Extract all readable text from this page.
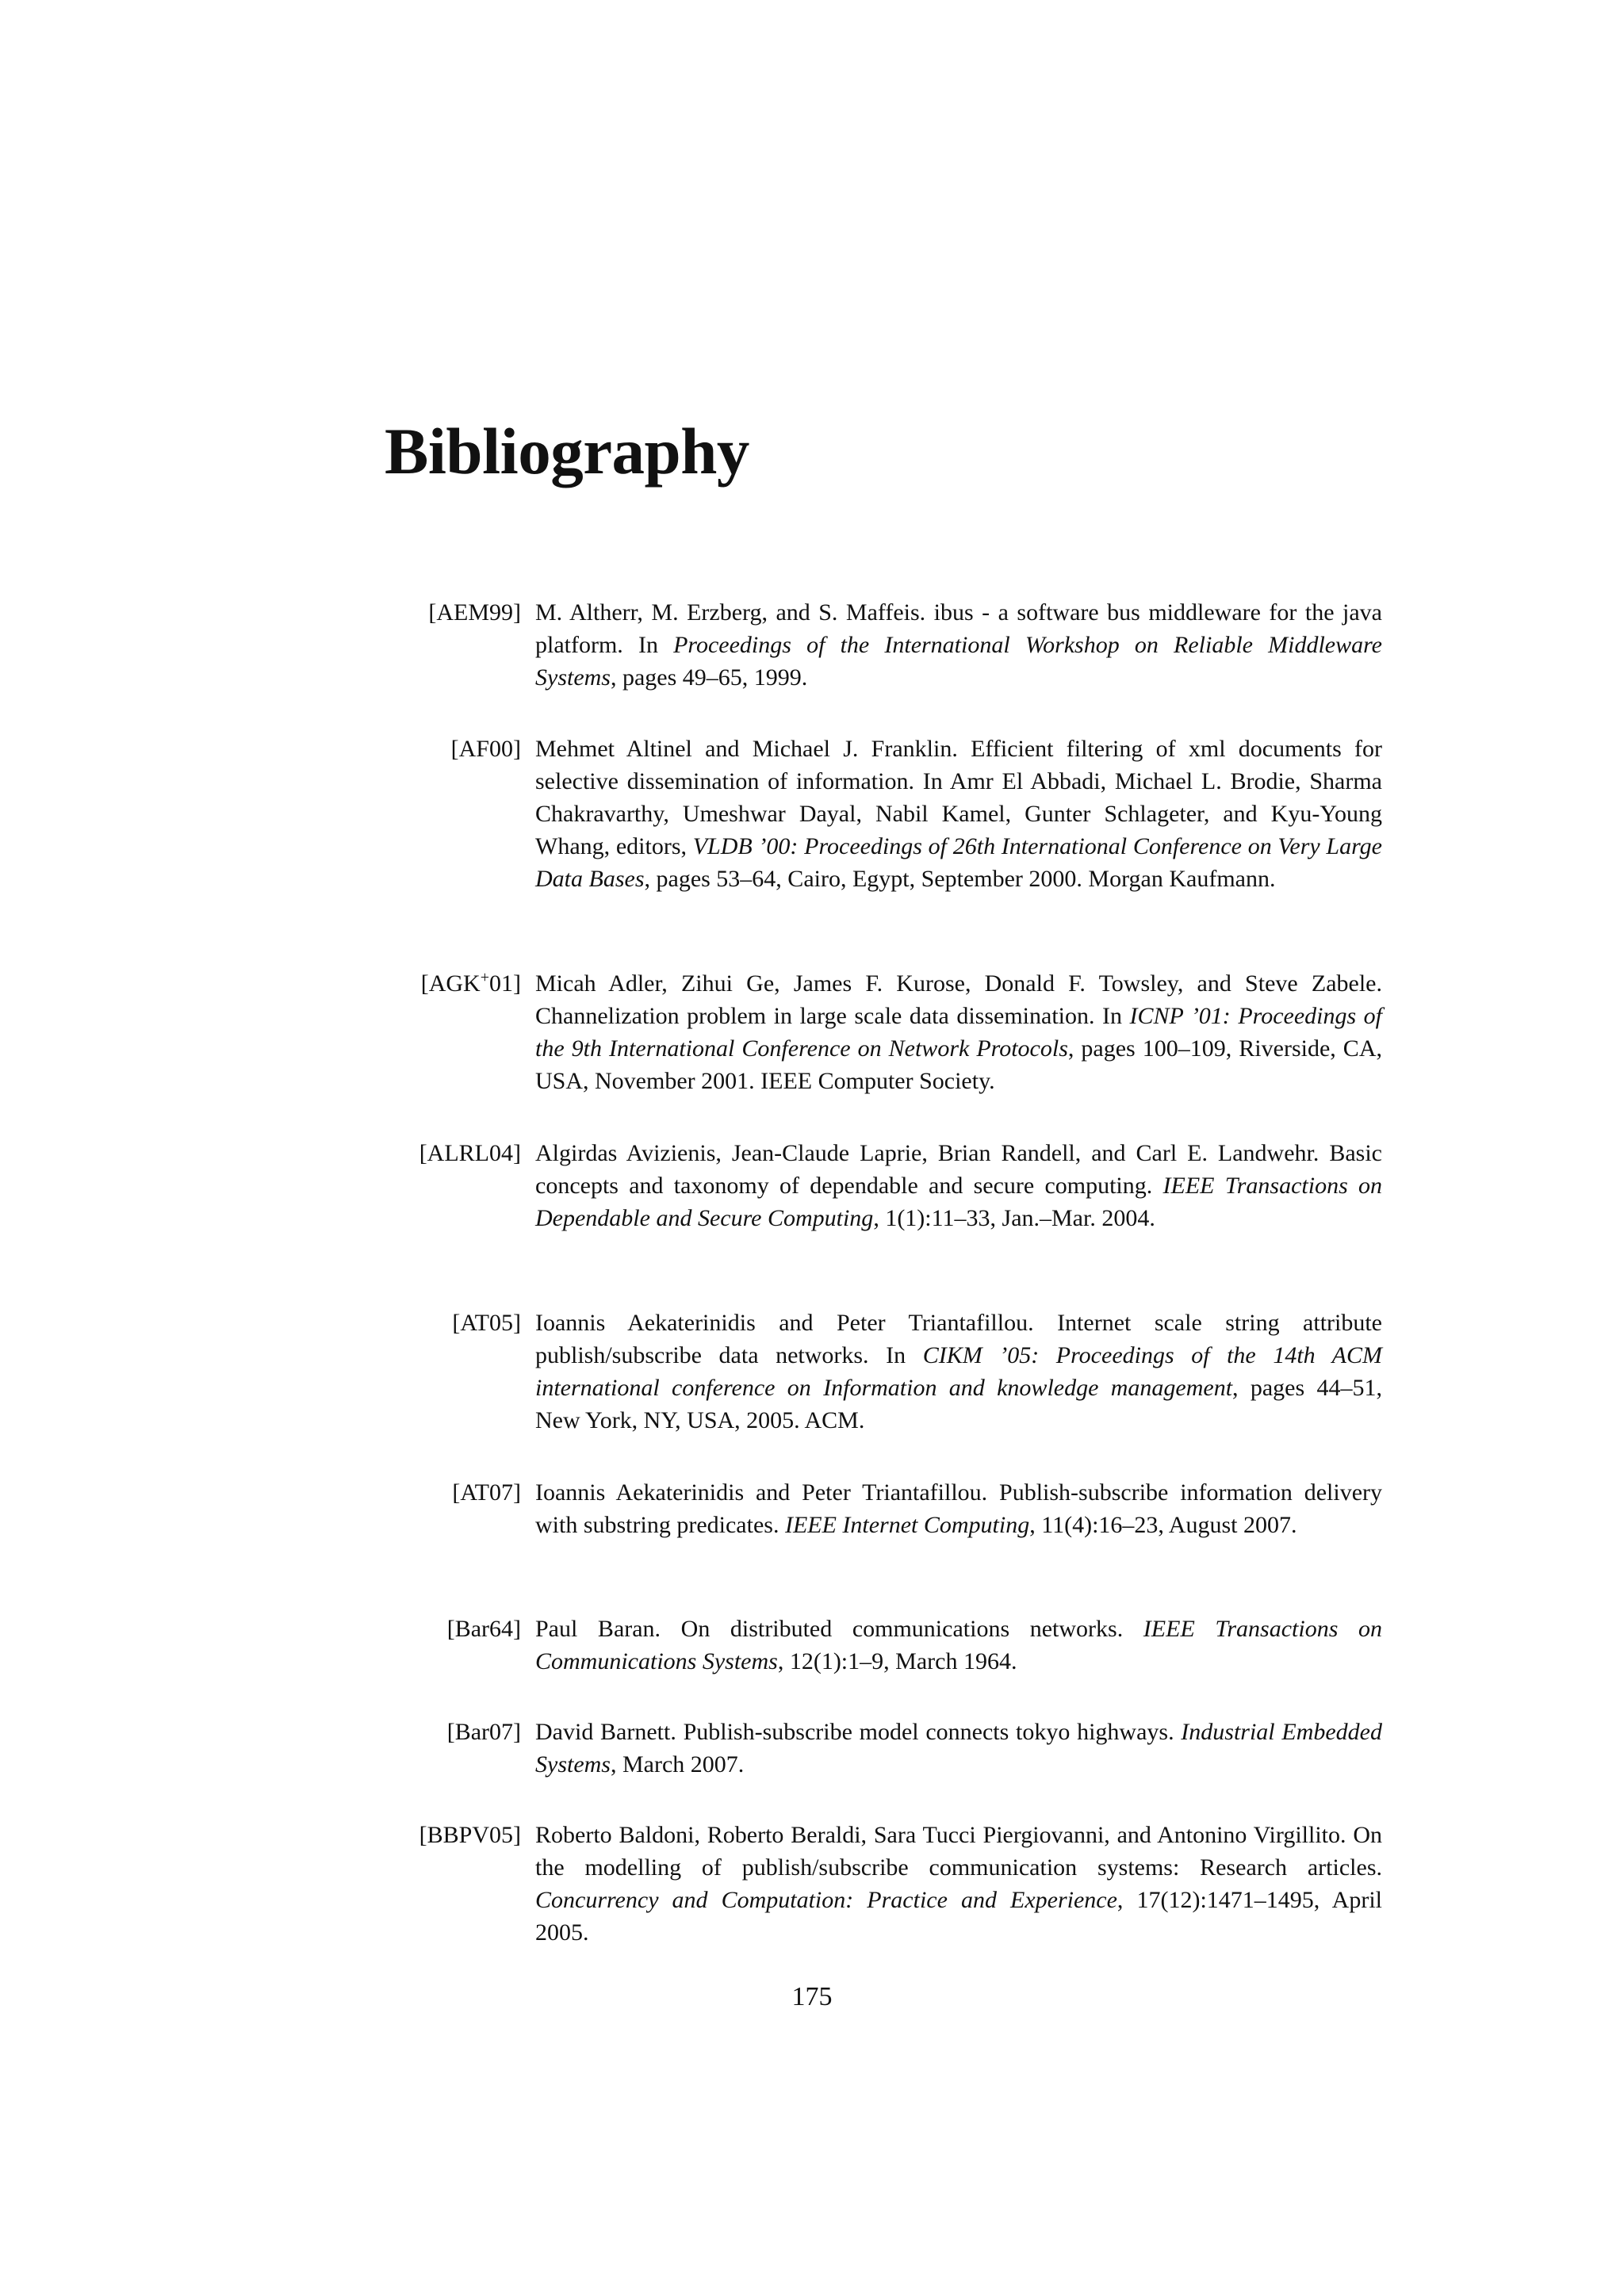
Bibliography
[AEM99] M. Altherr, M. Erzberg, and S. Maffeis. ibus - a software bus middleware for the java platform. In Proceedings of the International Workshop on Reliable Middleware Systems, pages 49–65, 1999.
[AF00] Mehmet Altinel and Michael J. Franklin. Efficient filtering of xml documents for selective dissemination of information. In Amr El Abbadi, Michael L. Brodie, Sharma Chakravarthy, Umeshwar Dayal, Nabil Kamel, Gunter Schlageter, and Kyu-Young Whang, editors, VLDB ’00: Proceedings of 26th International Conference on Very Large Data Bases, pages 53–64, Cairo, Egypt, September 2000. Morgan Kaufmann.
[AGK+01] Micah Adler, Zihui Ge, James F. Kurose, Donald F. Towsley, and Steve Zabele. Channelization problem in large scale data dissemination. In ICNP ’01: Proceedings of the 9th International Conference on Network Protocols, pages 100–109, Riverside, CA, USA, November 2001. IEEE Computer Society.
[ALRL04] Algirdas Avizienis, Jean-Claude Laprie, Brian Randell, and Carl E. Landwehr. Basic concepts and taxonomy of dependable and secure computing. IEEE Transactions on Dependable and Secure Computing, 1(1):11–33, Jan.–Mar. 2004.
[AT05] Ioannis Aekaterinidis and Peter Triantafillou. Internet scale string attribute publish/subscribe data networks. In CIKM ’05: Proceedings of the 14th ACM international conference on Information and knowledge management, pages 44–51, New York, NY, USA, 2005. ACM.
[AT07] Ioannis Aekaterinidis and Peter Triantafillou. Publish-subscribe information delivery with substring predicates. IEEE Internet Computing, 11(4):16–23, August 2007.
[Bar64] Paul Baran. On distributed communications networks. IEEE Transactions on Communications Systems, 12(1):1–9, March 1964.
[Bar07] David Barnett. Publish-subscribe model connects tokyo highways. Industrial Embedded Systems, March 2007.
[BBPV05] Roberto Baldoni, Roberto Beraldi, Sara Tucci Piergiovanni, and Antonino Virgillito. On the modelling of publish/subscribe communication systems: Research articles. Concurrency and Computation: Practice and Experience, 17(12):1471–1495, April 2005.
175
